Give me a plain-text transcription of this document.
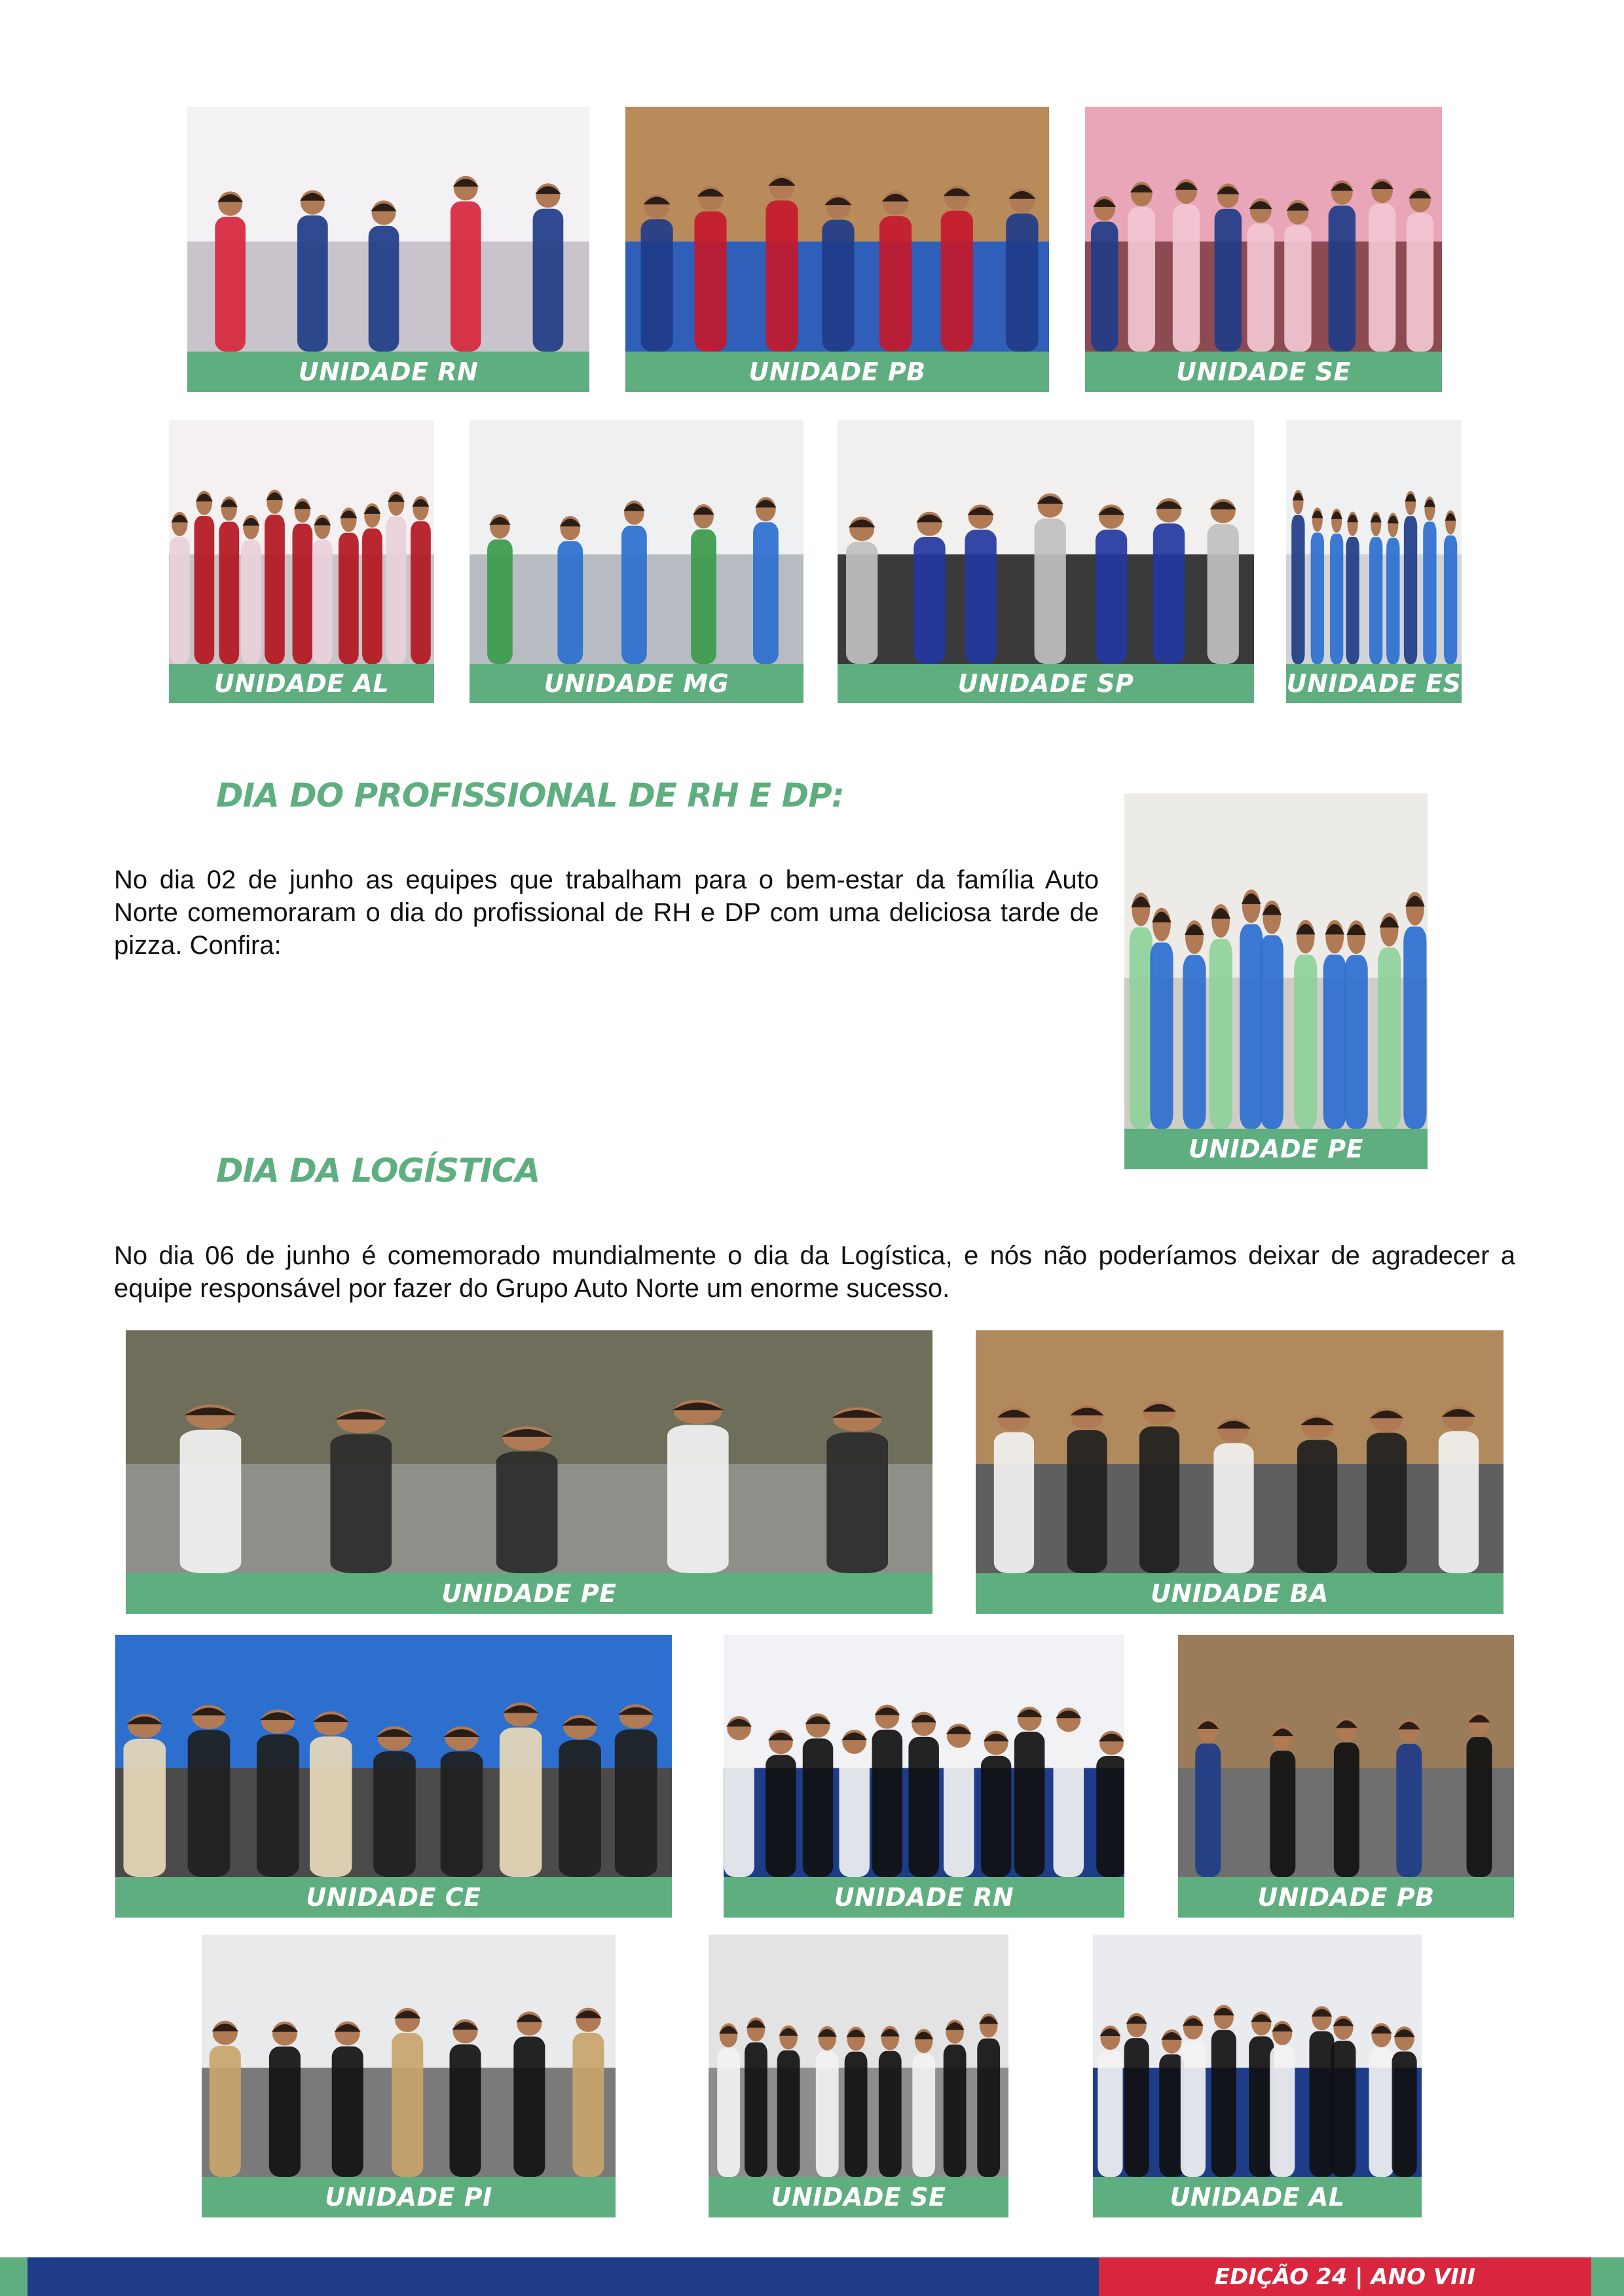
UNIDADE RN	UNIDADE PB	UNIDADE SE
UNIDADE AL	UNIDADE MG	UNIDADE SP	UNIDADE ES
DIA DO PROFISSIONAL DE RH E DP:
No dia 02 de junho as equipes que trabalham para o bem-estar da família Auto Norte comemoraram o dia do profissional de RH e DP com uma deliciosa tarde de pizza. Confira:
UNIDADE PE
DIA DA LOGÍSTICA
No dia 06 de junho é comemorado mundialmente o dia da Logística, e nós não poderíamos deixar de agradecer a equipe responsável por fazer do Grupo Auto Norte um enorme sucesso.
UNIDADE PE	UNIDADE BA
UNIDADE CE	UNIDADE RN	UNIDADE PB
UNIDADE PI	UNIDADE SE	UNIDADE AL
EDIÇÃO 24 | ANO VIII
